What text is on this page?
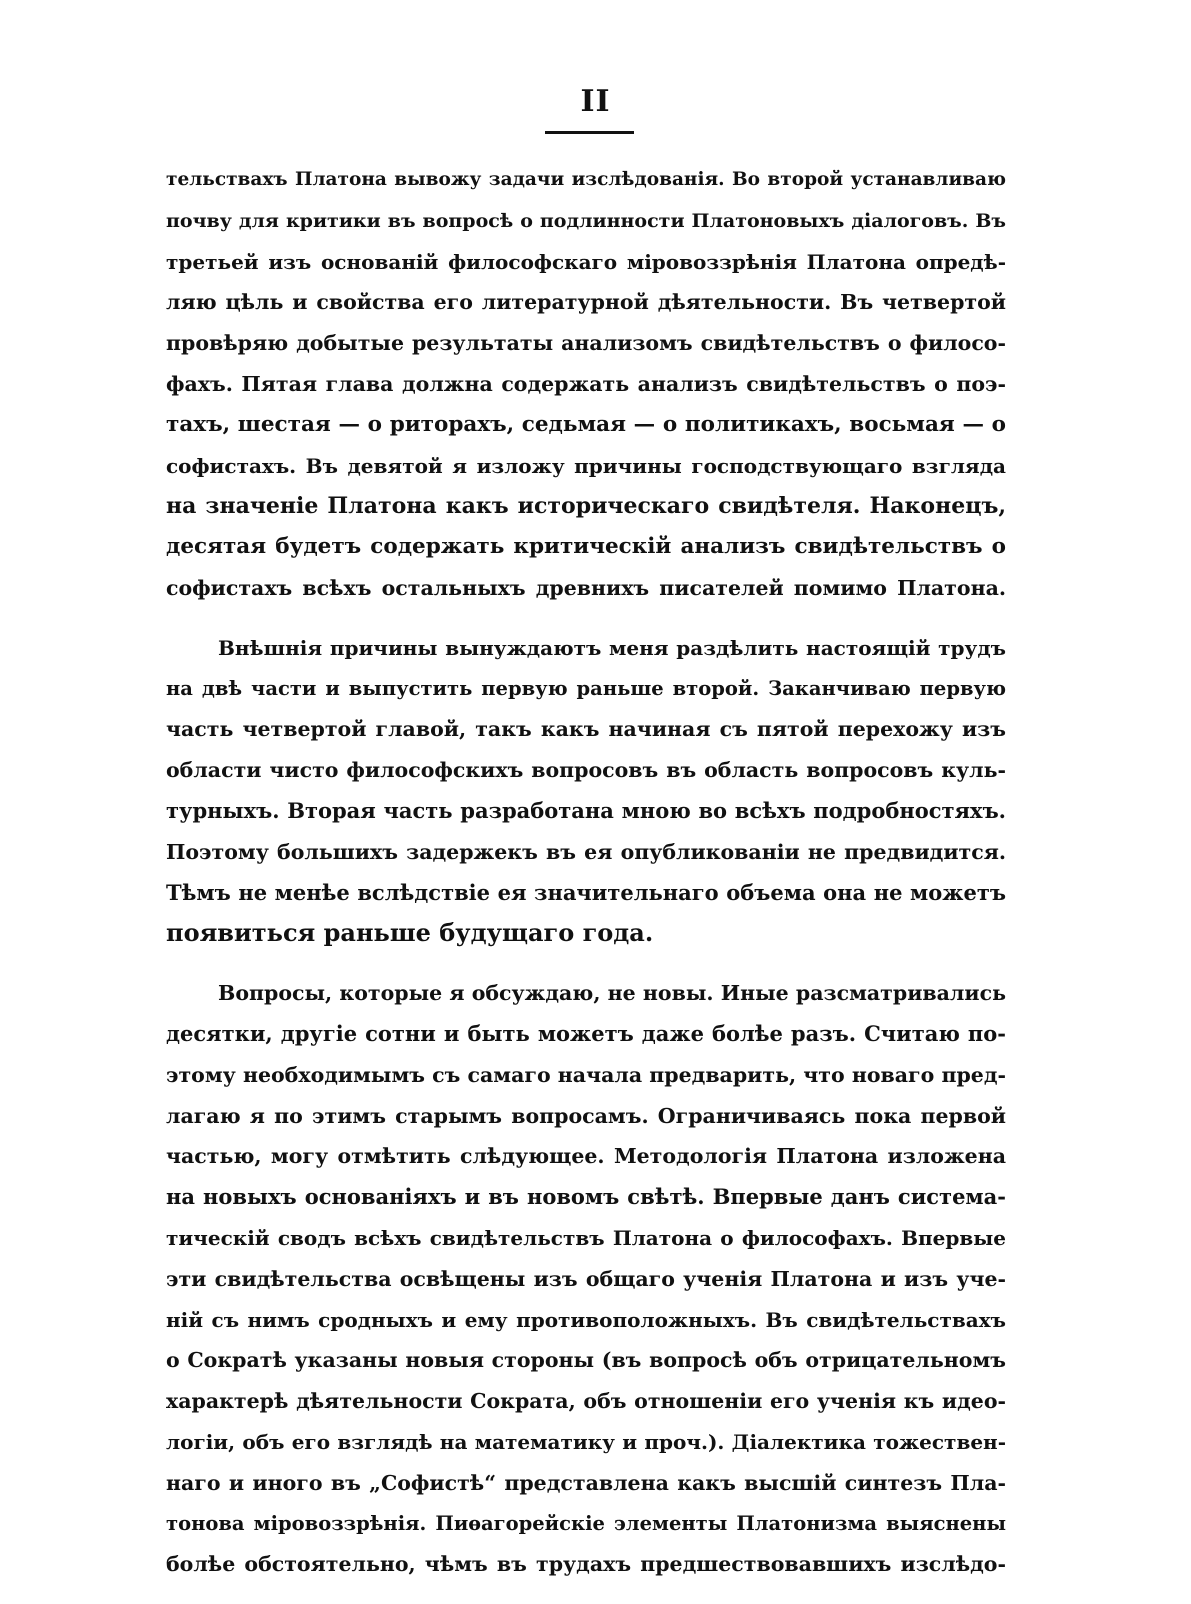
II
тельствахъ Платона вывожу задачи изслѣдованія. Во второй устанавливаю
почву для критики въ вопросѣ о подлинности Платоновыхъ діалоговъ. Въ
третьей изъ основаній философскаго міровоззрѣнія Платона опредѣ-
ляю цѣль и свойства его литературной дѣятельности. Въ четвертой
провѣряю добытые результаты анализомъ свидѣтельствъ о филосо-
фахъ. Пятая глава должна содержать анализъ свидѣтельствъ о поэ-
тахъ, шестая — о риторахъ, седьмая — о политикахъ, восьмая — о
софистахъ. Въ девятой я изложу причины господствующаго взгляда
на значеніе Платона какъ историческаго свидѣтеля. Наконецъ,
десятая будетъ содержать критическій анализъ свидѣтельствъ о
софистахъ всѣхъ остальныхъ древнихъ писателей помимо Платона.
Внѣшнія причины вынуждаютъ меня раздѣлить настоящій трудъ
на двѣ части и выпустить первую раньше второй. Заканчиваю первую
часть четвертой главой, такъ какъ начиная съ пятой перехожу изъ
области чисто философскихъ вопросовъ въ область вопросовъ куль-
турныхъ. Вторая часть разработана мною во всѣхъ подробностяхъ.
Поэтому большихъ задержекъ въ ея опубликованіи не предвидится.
Тѣмъ не менѣе вслѣдствіе ея значительнаго объема она не можетъ
появиться раньше будущаго года.
Вопросы, которые я обсуждаю, не новы. Иные разсматривались
десятки, другіе сотни и быть можетъ даже болѣе разъ. Считаю по-
этому необходимымъ съ самаго начала предварить, что новаго пред-
лагаю я по этимъ старымъ вопросамъ. Ограничиваясь пока первой
частью, могу отмѣтить слѣдующее. Методологія Платона изложена
на новыхъ основаніяхъ и въ новомъ свѣтѣ. Впервые данъ система-
тическій сводъ всѣхъ свидѣтельствъ Платона о философахъ. Впервые
эти свидѣтельства освѣщены изъ общаго ученія Платона и изъ уче-
ній съ нимъ сродныхъ и ему противоположныхъ. Въ свидѣтельствахъ
о Сократѣ указаны новыя стороны (въ вопросѣ объ отрицательномъ
характерѣ дѣятельности Сократа, объ отношеніи его ученія къ идео-
логіи, объ его взглядѣ на математику и проч.). Діалектика тожествен-
наго и иного въ „Софистѣ“ представлена какъ высшій синтезъ Пла-
тонова міровоззрѣнія. Пиѳагорейскіе элементы Платонизма выяснены
болѣе обстоятельно, чѣмъ въ трудахъ предшествовавшихъ изслѣдо-
